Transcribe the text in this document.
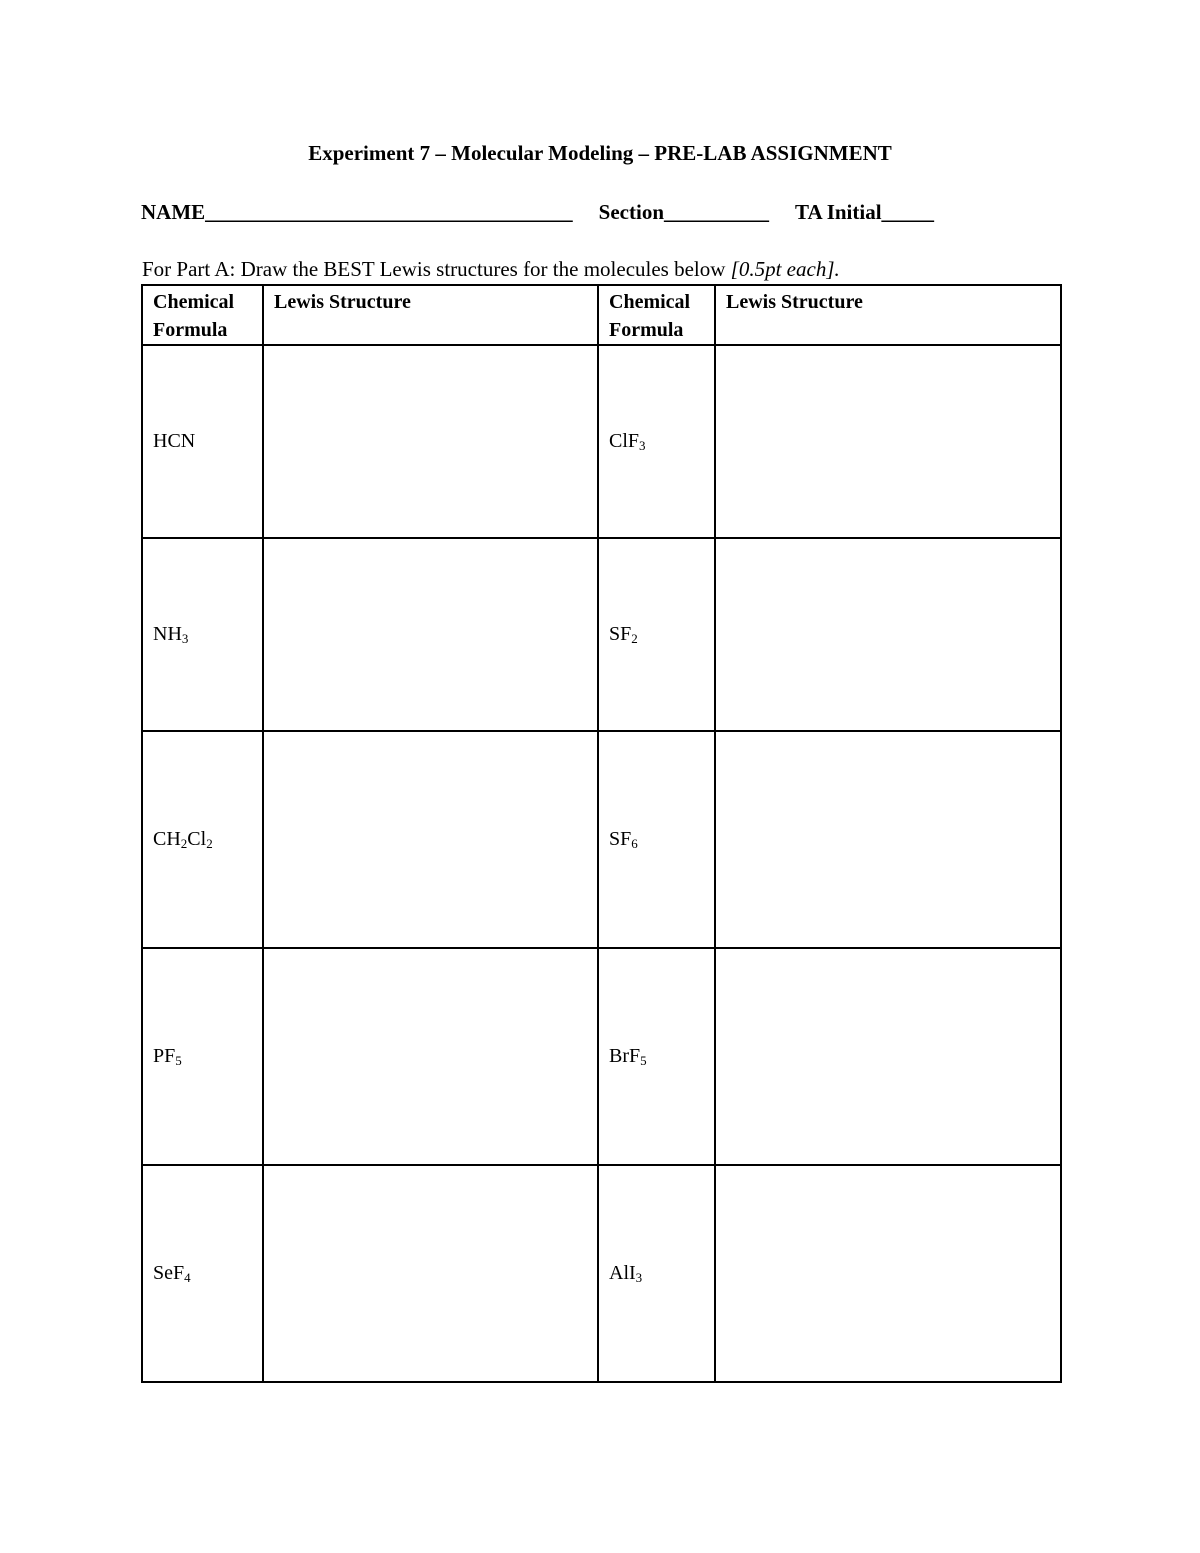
Experiment 7 – Molecular Modeling – PRE-LAB ASSIGNMENT
NAME___________________________________ Section__________ TA Initial_____
For Part A: Draw the BEST Lewis structures for the molecules below [0.5pt each].
Chemical Formula	Lewis Structure	Chemical Formula	Lewis Structure
HCN		ClF$_3$	
$NH_3$		$SF_2$	
$CH_2Cl_2$		$SF_6$	
$PF_5$		BrF$_5$	
SeF$_4$		AlI$_3$	
